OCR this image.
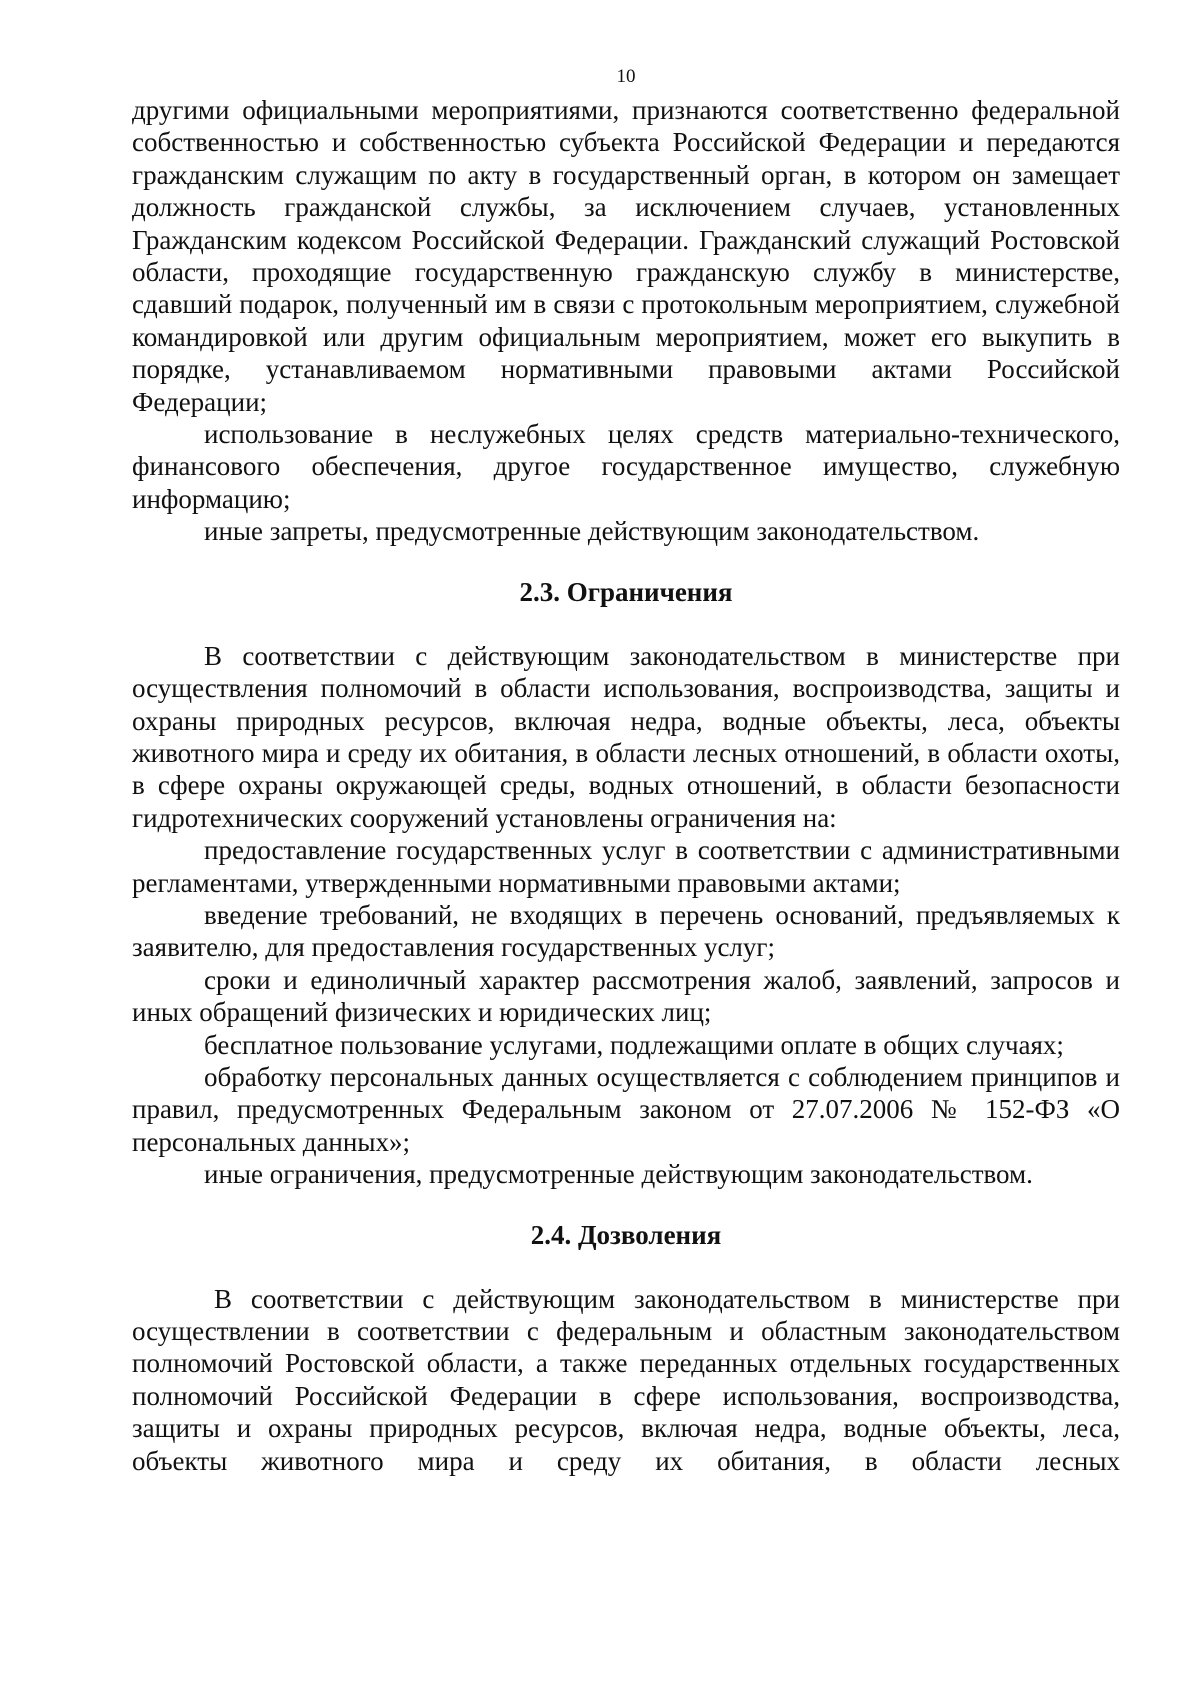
10

другими официальными мероприятиями, признаются соответственно федеральной собственностью и собственностью субъекта Российской Федерации и передаются гражданским служащим по акту в государственный орган, в котором он замещает должность гражданской службы, за исключением случаев, установленных Гражданским кодексом Российской Федерации. Гражданский служащий Ростовской области, проходящие государственную гражданскую службу в министерстве, сдавший подарок, полученный им в связи с протокольным мероприятием, служебной командировкой или другим официальным мероприятием, может его выкупить в порядке, устанавливаемом нормативными правовыми актами Российской Федерации;

использование в неслужебных целях средств материально-технического, финансового обеспечения, другое государственное имущество, служебную информацию;

иные запреты, предусмотренные действующим законодательством.

2.3. Ограничения

В соответствии с действующим законодательством в министерстве при осуществления полномочий в области использования, воспроизводства, защиты и охраны природных ресурсов, включая недра, водные объекты, леса, объекты животного мира и среду их обитания, в области лесных отношений, в области охоты, в сфере охраны окружающей среды, водных отношений, в области безопасности гидротехнических сооружений установлены ограничения на:

предоставление государственных услуг в соответствии с административными регламентами, утвержденными нормативными правовыми актами;

введение требований, не входящих в перечень оснований, предъявляемых к заявителю, для предоставления государственных услуг;

сроки и единоличный характер рассмотрения жалоб, заявлений, запросов и иных обращений физических и юридических лиц;

бесплатное пользование услугами, подлежащими оплате в общих случаях;

обработку персональных данных осуществляется с соблюдением принципов и правил, предусмотренных Федеральным законом от 27.07.2006 № 152-ФЗ «О персональных данных»;

иные ограничения, предусмотренные действующим законодательством.

2.4. Дозволения

В соответствии с действующим законодательством в министерстве при осуществлении в соответствии с федеральным и областным законодательством полномочий Ростовской области, а также переданных отдельных государственных полномочий Российской Федерации в сфере использования, воспроизводства, защиты и охраны природных ресурсов, включая недра, водные объекты, леса, объекты животного мира и среду их обитания, в области лесных
